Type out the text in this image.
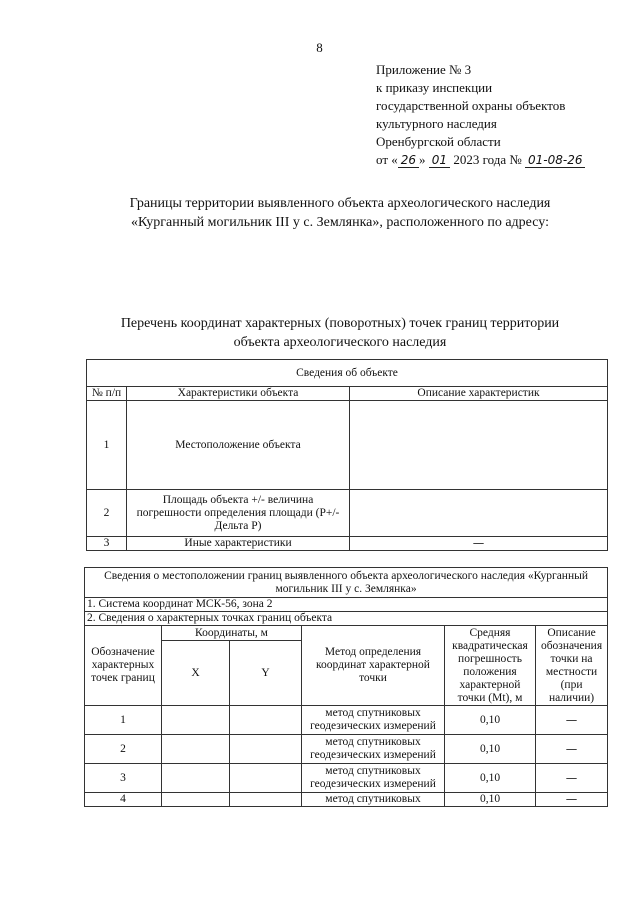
8
Приложение № 3
к приказу инспекции
государственной охраны объектов
культурного наследия
Оренбургской области
от « 26 » 01 2023 года № 01-08-26
Границы территории выявленного объекта археологического наследия
«Курганный могильник III у с. Землянка», расположенного по адресу:
Перечень координат характерных (поворотных) точек границ территории
объекта археологического наследия
Сведения об объекте		
№ п/п	Характеристики объекта	Описание характеристик
1	Местоположение объекта	
2	Площадь объекта +/- величина погрешности определения площади (P+/- Дельта P)	
3	Иные характеристики	—
Сведения о местоположении границ выявленного объекта археологического наследия «Курганный могильник III у с. Землянка»					
1. Система координат МСК-56, зона 2					
2. Сведения о характерных точках границ объекта					
Обозначение характерных точек границ	Координаты, м		Метод определения координат характерной точки	Средняя квадратическая погрешность положения характерной точки (Mt), м	Описание обозначения точки на местности (при наличии)
	X	Y			
1			метод спутниковых геодезических измерений	0,10	—
2			метод спутниковых геодезических измерений	0,10	—
3			метод спутниковых геодезических измерений	0,10	—
4			метод спутниковых	0,10	—
